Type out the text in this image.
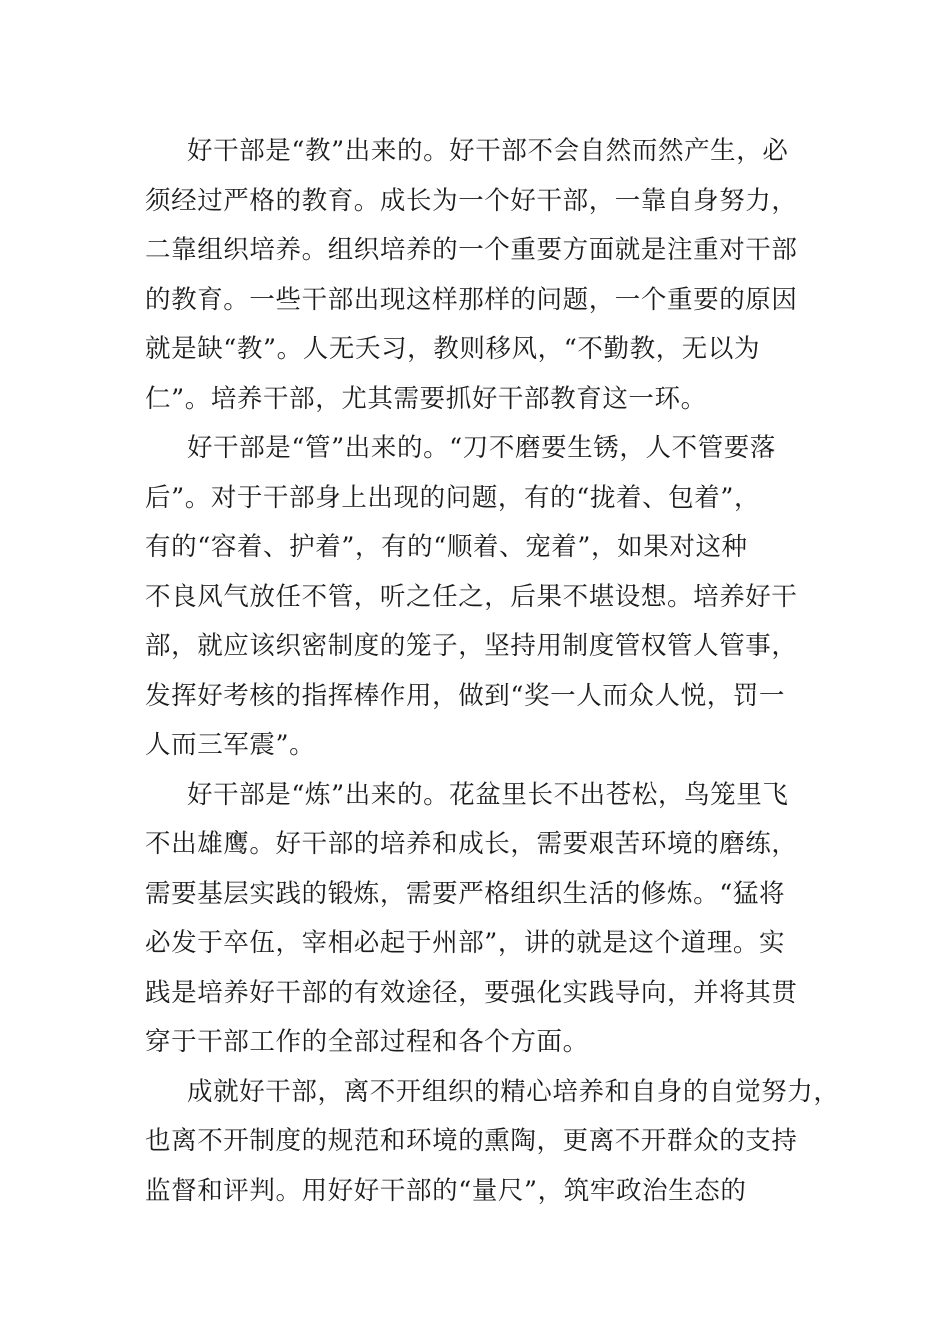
好干部是“教”出来的。好干部不会自然而然产生，必
须经过严格的教育。成长为一个好干部，一靠自身努力，
二靠组织培养。组织培养的一个重要方面就是注重对干部
的教育。一些干部出现这样那样的问题，一个重要的原因
就是缺“教”。人无夭习，教则移风，“不勤教，无以为
仁”。培养干部，尤其需要抓好干部教育这一环。
好干部是“管”出来的。“刀不磨要生锈，人不管要落
后”。对于干部身上出现的问题，有的“拢着、包着”，
有的“容着、护着”，有的“顺着、宠着”，如果对这种
不良风气放任不管，听之任之，后果不堪设想。培养好干
部，就应该织密制度的笼子，坚持用制度管权管人管事，
发挥好考核的指挥棒作用，做到“奖一人而众人悦，罚一
人而三军震”。
好干部是“炼”出来的。花盆里长不出苍松，鸟笼里飞
不出雄鹰。好干部的培养和成长，需要艰苦环境的磨练，
需要基层实践的锻炼，需要严格组织生活的修炼。“猛将
必发于卒伍，宰相必起于州部”，讲的就是这个道理。实
践是培养好干部的有效途径，要强化实践导向，并将其贯
穿于干部工作的全部过程和各个方面。
成就好干部，离不开组织的精心培养和自身的自觉努力，
也离不开制度的规范和环境的熏陶，更离不开群众的支持
监督和评判。用好好干部的“量尺”，筑牢政治生态的
